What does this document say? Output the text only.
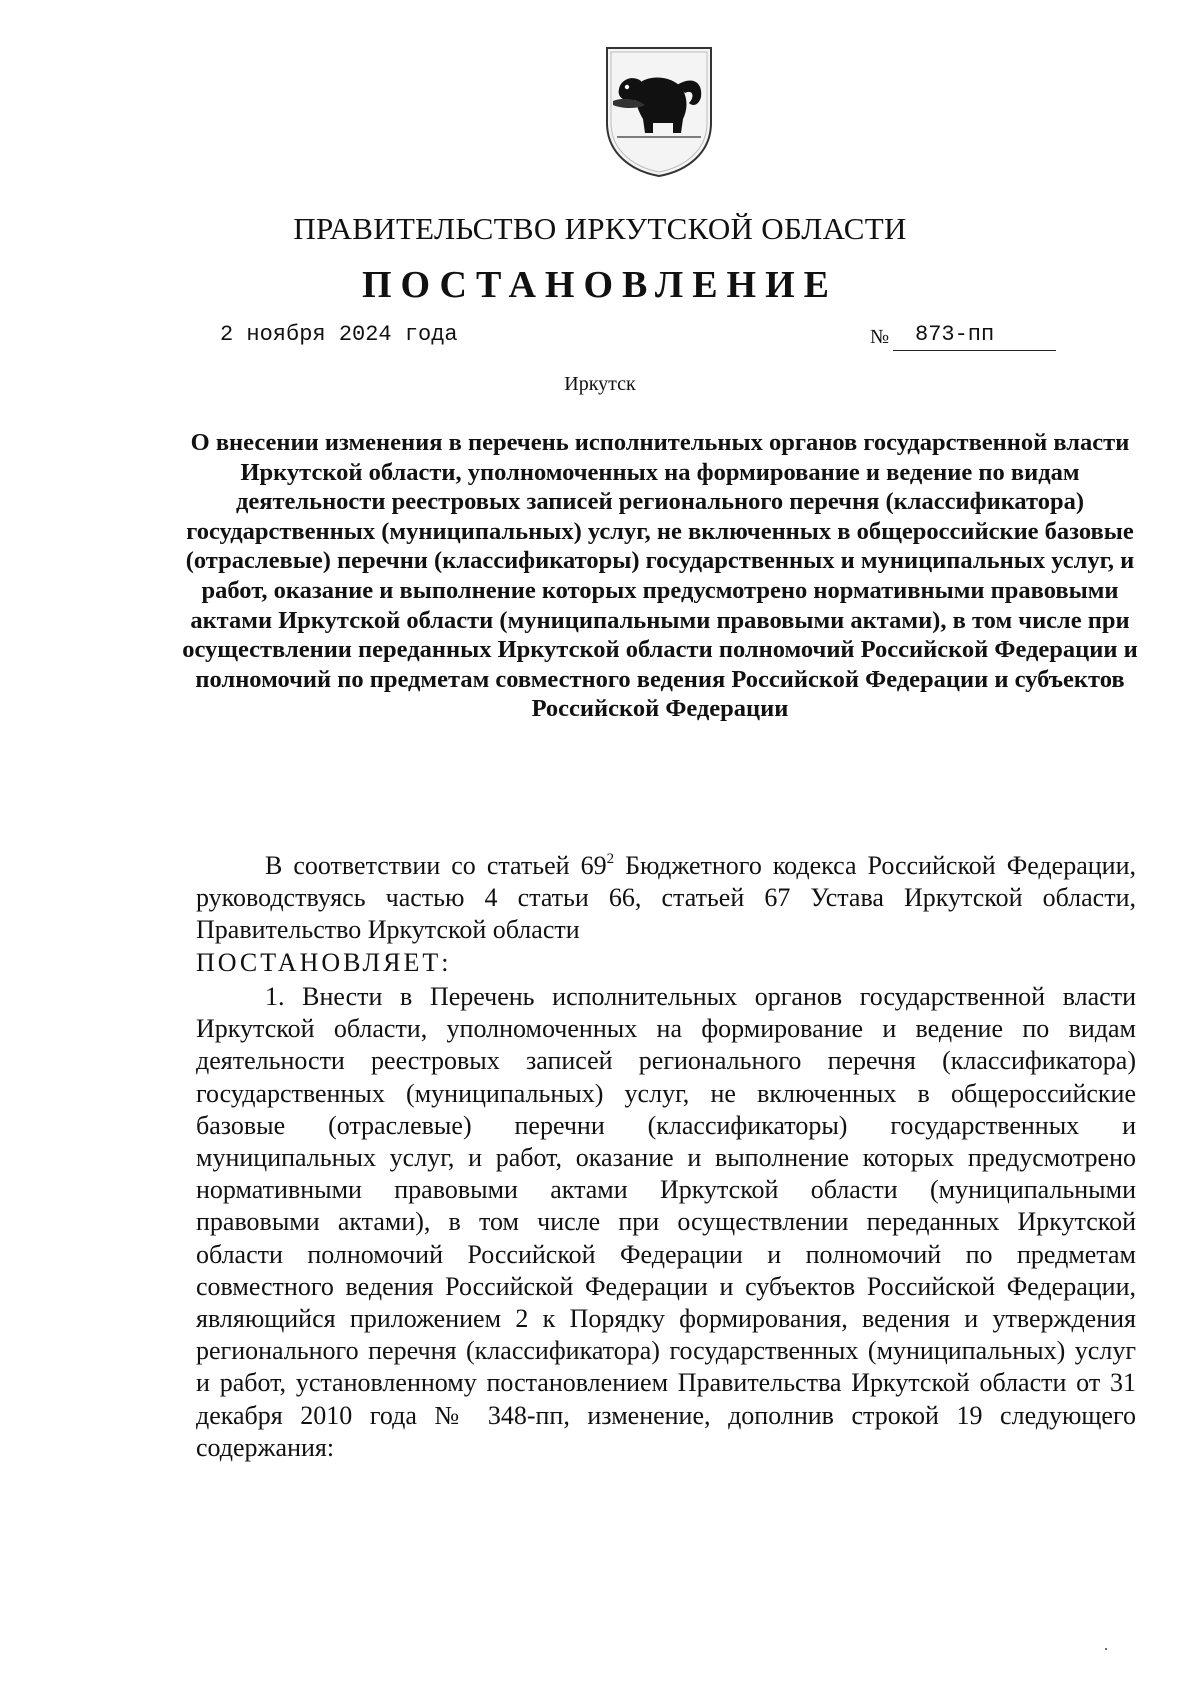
ПРАВИТЕЛЬСТВО ИРКУТСКОЙ ОБЛАСТИ
ПОСТАНОВЛЕНИЕ
2 ноября 2024 года	№ 873-пп
Иркутск
О внесении изменения в перечень исполнительных органов государственной власти Иркутской области, уполномоченных на формирование и ведение по видам деятельности реестровых записей регионального перечня (классификатора) государственных (муниципальных) услуг, не включенных в общероссийские базовые (отраслевые) перечни (классификаторы) государственных и муниципальных услуг, и работ, оказание и выполнение которых предусмотрено нормативными правовыми актами Иркутской области (муниципальными правовыми актами), в том числе при осуществлении переданных Иркутской области полномочий Российской Федерации и полномочий по предметам совместного ведения Российской Федерации и субъектов Российской Федерации
В соответствии со статьей $69^2$ Бюджетного кодекса Российской Федерации, руководствуясь частью 4 статьи 66, статьей 67 Устава Иркутской области, Правительство Иркутской области
ПОСТАНОВЛЯЕТ:
1. Внести в Перечень исполнительных органов государственной власти Иркутской области, уполномоченных на формирование и ведение по видам деятельности реестровых записей регионального перечня (классификатора) государственных (муниципальных) услуг, не включенных в общероссийские базовые (отраслевые) перечни (классификаторы) государственных и муниципальных услуг, и работ, оказание и выполнение которых предусмотрено нормативными правовыми актами Иркутской области (муниципальными правовыми актами), в том числе при осуществлении переданных Иркутской области полномочий Российской Федерации и полномочий по предметам совместного ведения Российской Федерации и субъектов Российской Федерации, являющийся приложением 2 к Порядку формирования, ведения и утверждения регионального перечня (классификатора) государственных (муниципальных) услуг и работ, установленному постановлением Правительства Иркутской области от 31 декабря 2010 года № 348-пп, изменение, дополнив строкой 19 следующего содержания:
